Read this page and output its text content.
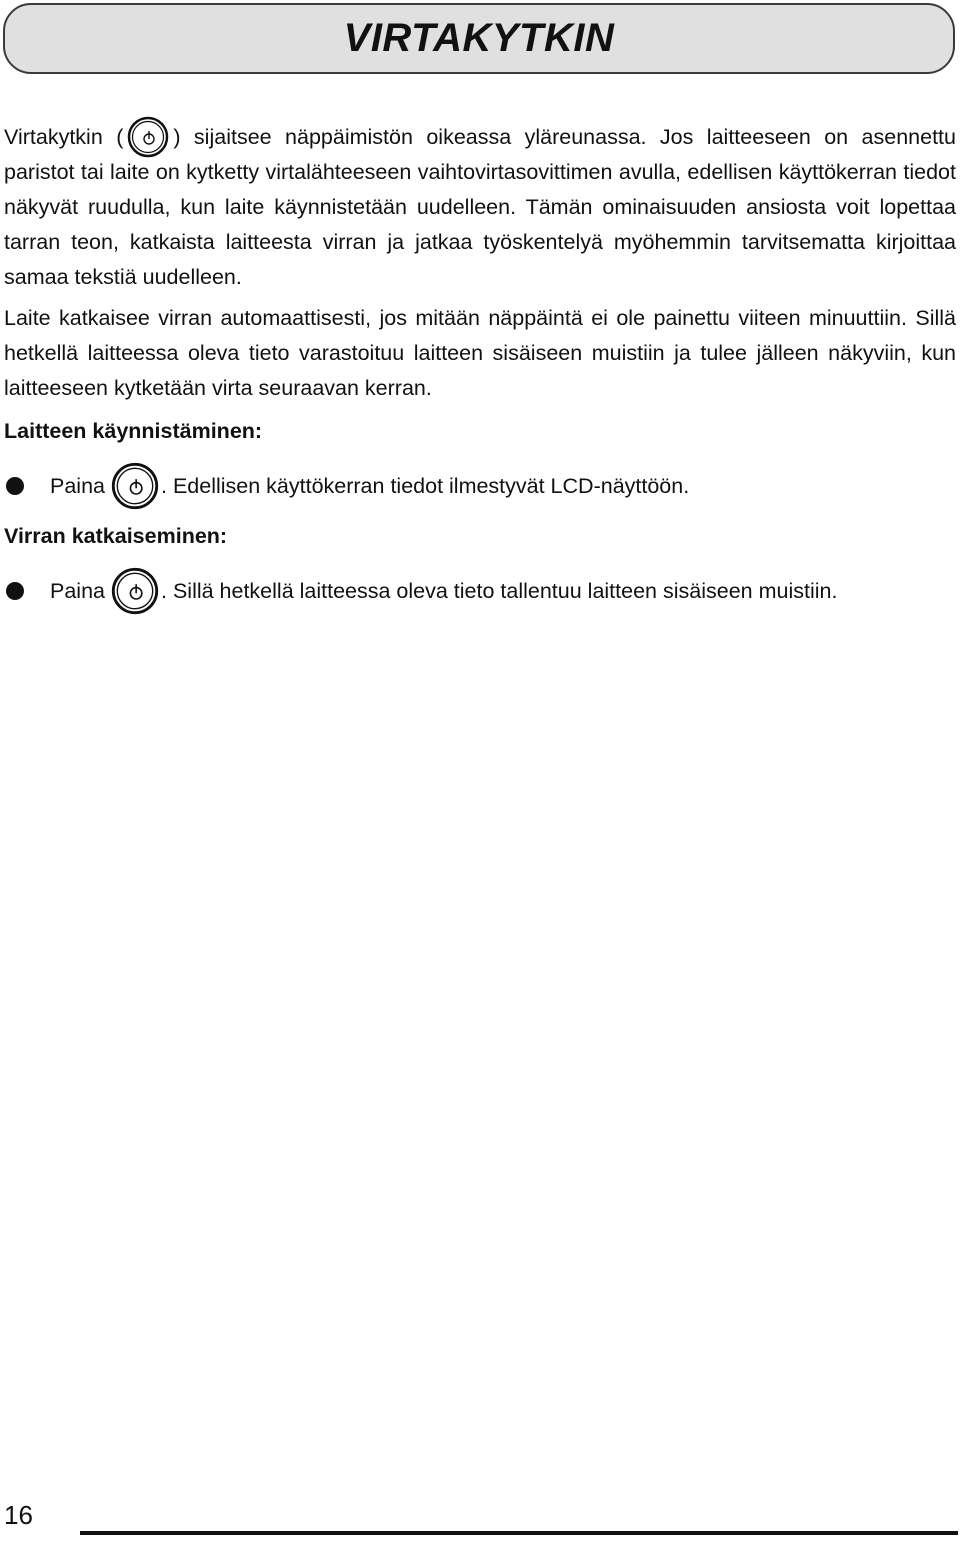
VIRTAKYTKIN

Virtakytkin ( ) sijaitsee näppäimistön oikeassa yläreunassa. Jos laitteeseen on asennettu paristot tai laite on kytketty virtalähteeseen vaihtovirtasovittimen avulla, edellisen käyttökerran tiedot näkyvät ruudulla, kun laite käynnistetään uudelleen. Tämän ominaisuuden ansiosta voit lopettaa tarran teon, katkaista laitteesta virran ja jatkaa työskentelyä myöhemmin tarvitsematta kirjoittaa samaa tekstiä uudelleen.

Laite katkaisee virran automaattisesti, jos mitään näppäintä ei ole painettu viiteen minuuttiin. Sillä hetkellä laitteessa oleva tieto varastoituu laitteen sisäiseen muistiin ja tulee jälleen näkyviin, kun laitteeseen kytketään virta seuraavan kerran.

Laitteen käynnistäminen:
Paina	. Edellisen käyttökerran tiedot ilmestyvät LCD-näyttöön.
Virran katkaiseminen:
Paina	. Sillä hetkellä laitteessa oleva tieto tallentuu laitteen sisäiseen muistiin.
16
